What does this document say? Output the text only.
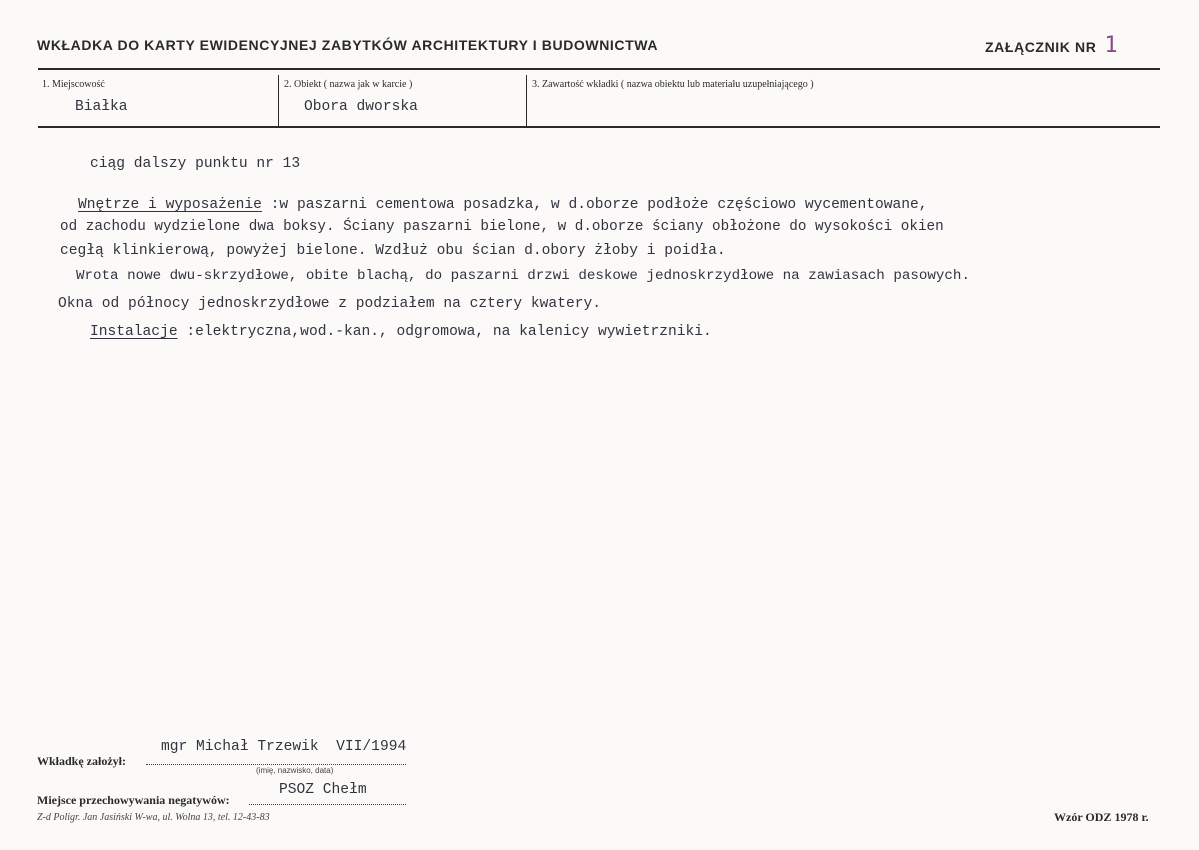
WKŁADKA DO KARTY EWIDENCYJNEJ ZABYTKÓW ARCHITEKTURY I BUDOWNICTWA	ZAŁĄCZNIK NR 1
1. Miejscowość
Białka
2. Obiekt ( nazwa jak w karcie )
Obora dworska
3. Zawartość wkładki ( nazwa obiektu lub materiału uzupełniającego )
ciąg dalszy punktu nr 13
Wnętrze i wyposażenie :w paszarni cementowa posadzka, w d.oborze podłoże częściowo wycementowane,
od zachodu wydzielone dwa boksy. Ściany paszarni bielone, w d.oborze ściany obłożone do wysokości okien
cegłą klinkierową, powyżej bielone. Wzdłuż obu ścian d.obory żłoby i poidła.
Wrota nowe dwu-skrzydłowe, obite blachą, do paszarni drzwi deskowe jednoskrzydłowe na zawiasach pasowych.
Okna od północy jednoskrzydłowe z podziałem na cztery kwatery.
Instalacje :elektryczna,wod.-kan., odgromowa, na kalenicy wywietrzniki.
Wkładkę założył:
mgr Michał Trzewik  VII/1994
(imię, nazwisko, data)
Miejsce przechowywania negatywów:
PSOZ Chełm
Z-d Poligr. Jan Jasiński W-wa, ul. Wolna 13, tel. 12-43-83	Wzór ODZ 1978 r.
